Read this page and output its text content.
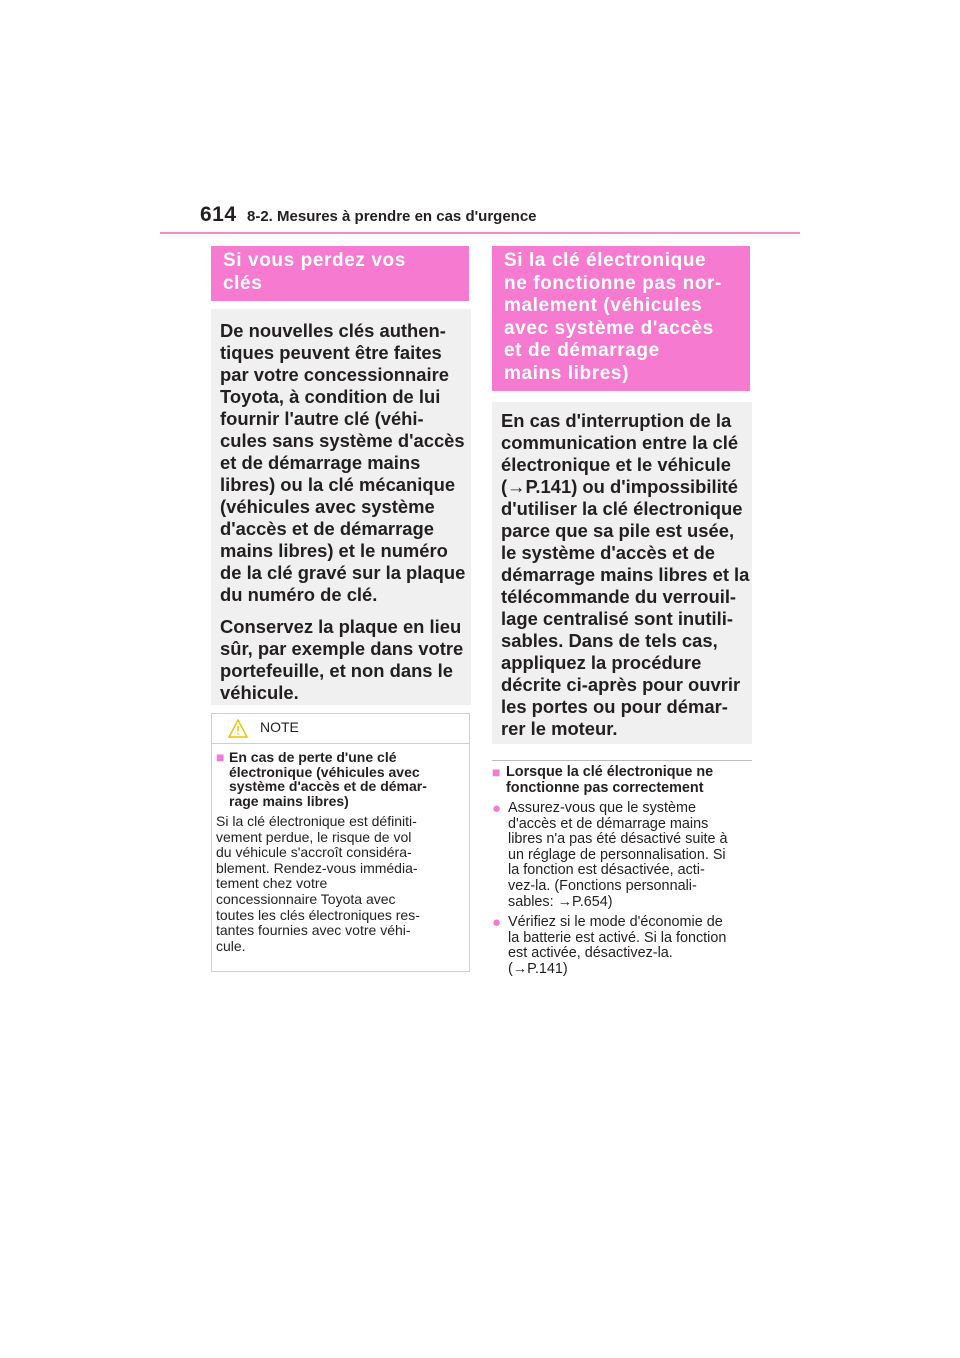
614 8-2. Mesures à prendre en cas d'urgence
Si vous perdez vos
clés

De nouvelles clés authen-
tiques peuvent être faites
par votre concessionnaire
Toyota, à condition de lui
fournir l'autre clé (véhi-
cules sans système d'accès
et de démarrage mains
libres) ou la clé mécanique
(véhicules avec système
d'accès et de démarrage
mains libres) et le numéro
de la clé gravé sur la plaque
du numéro de clé.

Conservez la plaque en lieu
sûr, par exemple dans votre
portefeuille, et non dans le
véhicule.

NOTE
■ En cas de perte d'une clé
électronique (véhicules avec
système d'accès et de démar-
rage mains libres)
Si la clé électronique est définiti-
vement perdue, le risque de vol
du véhicule s'accroît considéra-
blement. Rendez-vous immédia-
tement chez votre
concessionnaire Toyota avec
toutes les clés électroniques res-
tantes fournies avec votre véhi-
cule.
Si la clé électronique
ne fonctionne pas nor-
malement (véhicules
avec système d'accès
et de démarrage
mains libres)

En cas d'interruption de la
communication entre la clé
électronique et le véhicule
(→P.141) ou d'impossibilité
d'utiliser la clé électronique
parce que sa pile est usée,
le système d'accès et de
démarrage mains libres et la
télécommande du verrouil-
lage centralisé sont inutili-
sables. Dans de tels cas,
appliquez la procédure
décrite ci-après pour ouvrir
les portes ou pour démar-
rer le moteur.

■ Lorsque la clé électronique ne
fonctionne pas correctement
● Assurez-vous que le système
d'accès et de démarrage mains
libres n'a pas été désactivé suite à
un réglage de personnalisation. Si
la fonction est désactivée, acti-
vez-la. (Fonctions personnali-
sables: →P.654)
● Vérifiez si le mode d'économie de
la batterie est activé. Si la fonction
est activée, désactivez-la.
(→P.141)
